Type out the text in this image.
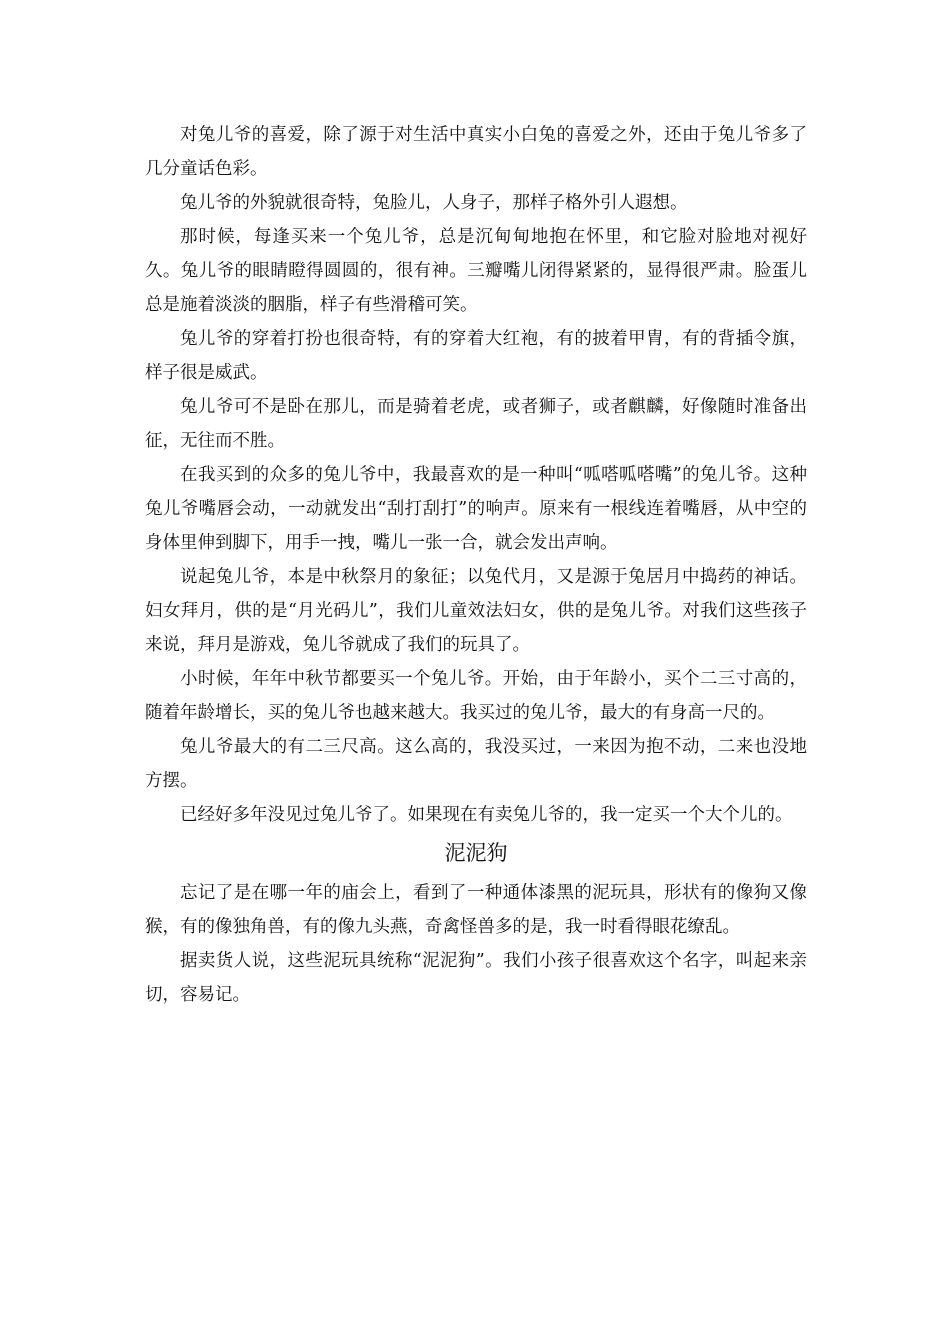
对兔儿爷的喜爱，除了源于对生活中真实小白兔的喜爱之外，还由于兔儿爷多了几分童话色彩。

兔儿爷的外貌就很奇特，兔脸儿，人身子，那样子格外引人遐想。

那时候，每逢买来一个兔儿爷，总是沉甸甸地抱在怀里，和它脸对脸地对视好久。兔儿爷的眼睛瞪得圆圆的，很有神。三瓣嘴儿闭得紧紧的，显得很严肃。脸蛋儿总是施着淡淡的胭脂，样子有些滑稽可笑。

兔儿爷的穿着打扮也很奇特，有的穿着大红袍，有的披着甲胄，有的背插令旗，样子很是威武。

兔儿爷可不是卧在那儿，而是骑着老虎，或者狮子，或者麒麟，好像随时准备出征，无往而不胜。

在我买到的众多的兔儿爷中，我最喜欢的是一种叫“呱嗒呱嗒嘴”的兔儿爷。这种兔儿爷嘴唇会动，一动就发出“刮打刮打”的响声。原来有一根线连着嘴唇，从中空的身体里伸到脚下，用手一拽，嘴儿一张一合，就会发出声响。

说起兔儿爷，本是中秋祭月的象征；以兔代月，又是源于兔居月中捣药的神话。妇女拜月，供的是“月光码儿”，我们儿童效法妇女，供的是兔儿爷。对我们这些孩子来说，拜月是游戏，兔儿爷就成了我们的玩具了。

小时候，年年中秋节都要买一个兔儿爷。开始，由于年龄小，买个二三寸高的，随着年龄增长，买的兔儿爷也越来越大。我买过的兔儿爷，最大的有身高一尺的。

兔儿爷最大的有二三尺高。这么高的，我没买过，一来因为抱不动，二来也没地方摆。

已经好多年没见过兔儿爷了。如果现在有卖兔儿爷的，我一定买一个大个儿的。

泥泥狗

忘记了是在哪一年的庙会上，看到了一种通体漆黑的泥玩具，形状有的像狗又像猴，有的像独角兽，有的像九头燕，奇禽怪兽多的是，我一时看得眼花缭乱。

据卖货人说，这些泥玩具统称“泥泥狗”。我们小孩子很喜欢这个名字，叫起来亲切，容易记。
